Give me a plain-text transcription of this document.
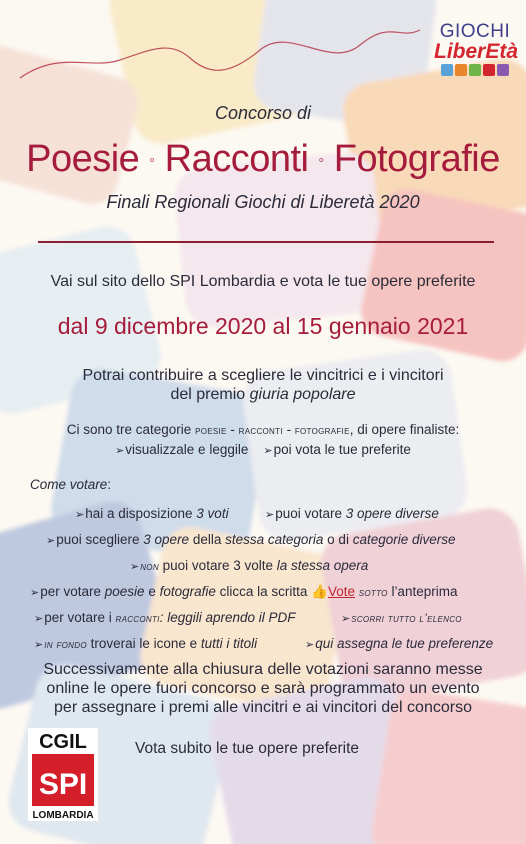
GIOCHI
LiberEtà
Concorso di
Poesie ◦ Racconti ◦ Fotografie
Finali Regionali Giochi di Liberetà 2020
Vai sul sito dello SPI Lombardia e vota le tue opere preferite
dal 9 dicembre 2020 al 15 gennaio 2021
Potrai contribuire a scegliere le vincitrici e i vincitori
del premio giuria popolare
Ci sono tre categorie poesie - racconti - fotografie, di opere finaliste:
➢visualizzale e leggile ➢poi vota le tue preferite
Come votare:
➢hai a disposizione 3 voti	➢puoi votare 3 opere diverse
➢puoi scegliere 3 opere della stessa categoria o di categorie diverse
➢non puoi votare 3 volte la stessa opera
➢per votare poesie e fotografie clicca la scritta 👍Vote sotto l’anteprima
➢per votare i racconti: leggili aprendo il PDF	➢scorri tutto l’elenco
➢in fondo troverai le icone e tutti i titoli	➢qui assegna le tue preferenze
Successivamente alla chiusura delle votazioni saranno messe
online le opere fuori concorso e sarà programmato un evento
per assegnare i premi alle vincitri e ai vincitori del concorso
CGIL
SPI
LOMBARDIA
Vota subito le tue opere preferite
